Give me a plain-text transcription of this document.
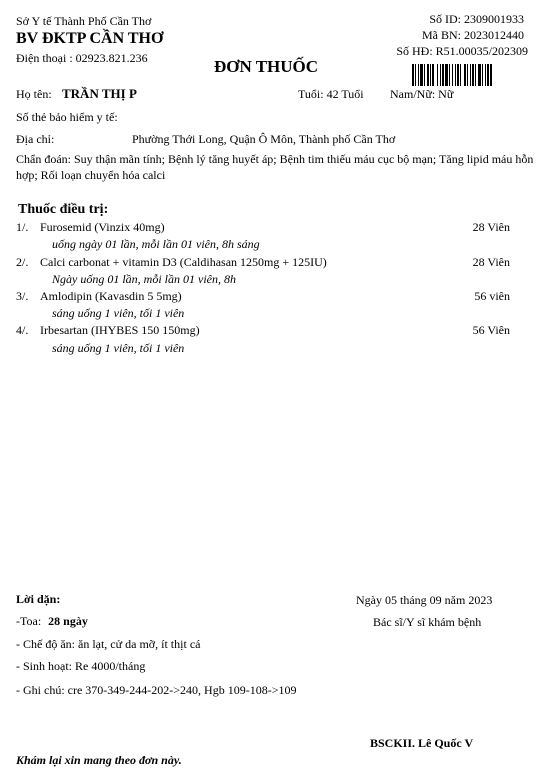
Sở Y tế Thành Phố Cần Thơ
BV ĐKTP CẦN THƠ
Điện thoại : 02923.821.236
Số ID: 2309001933
Mã BN: 2023012440
Số HĐ: R51.00035/202309
ĐƠN THUỐC
Họ tên: TRẦN THỊ P	Tuổi: 42 Tuổi Nam/Nữ: Nữ
Số thẻ bảo hiểm y tế:
Địa chỉ:	Phường Thới Long, Quận Ô Môn, Thành phố Cần Thơ
Chẩn đoán: Suy thận mãn tính; Bệnh lý tăng huyết áp; Bệnh tim thiếu máu cục bộ mạn; Tăng lipid máu hỗn hợp; Rối loạn chuyển hóa calci
Thuốc điều trị:
1/. Furosemid (Vinzix 40mg)	28 Viên
uống ngày 01 lần, mỗi lần 01 viên, 8h sáng
2/. Calci carbonat + vitamin D3 (Caldihasan 1250mg + 125IU)	28 Viên
Ngày uống 01 lần, mỗi lần 01 viên, 8h
3/. Amlodipin (Kavasdin 5 5mg)	56 viên
sáng uống 1 viên, tối 1 viên
4/. Irbesartan (IHYBES 150 150mg)	56 Viên
sáng uống 1 viên, tối 1 viên
Lời dặn:
-Toa: 28 ngày
- Chế độ ăn: ăn lạt, cử da mỡ, ít thịt cá
- Sinh hoạt: Re 4000/tháng
- Ghi chú: cre 370-349-244-202->240, Hgb 109-108->109
Ngày 05 tháng 09 năm 2023
Bác sĩ/Y sĩ khám bệnh
BSCKII. Lê Quốc V
Khám lại xin mang theo đơn này.
